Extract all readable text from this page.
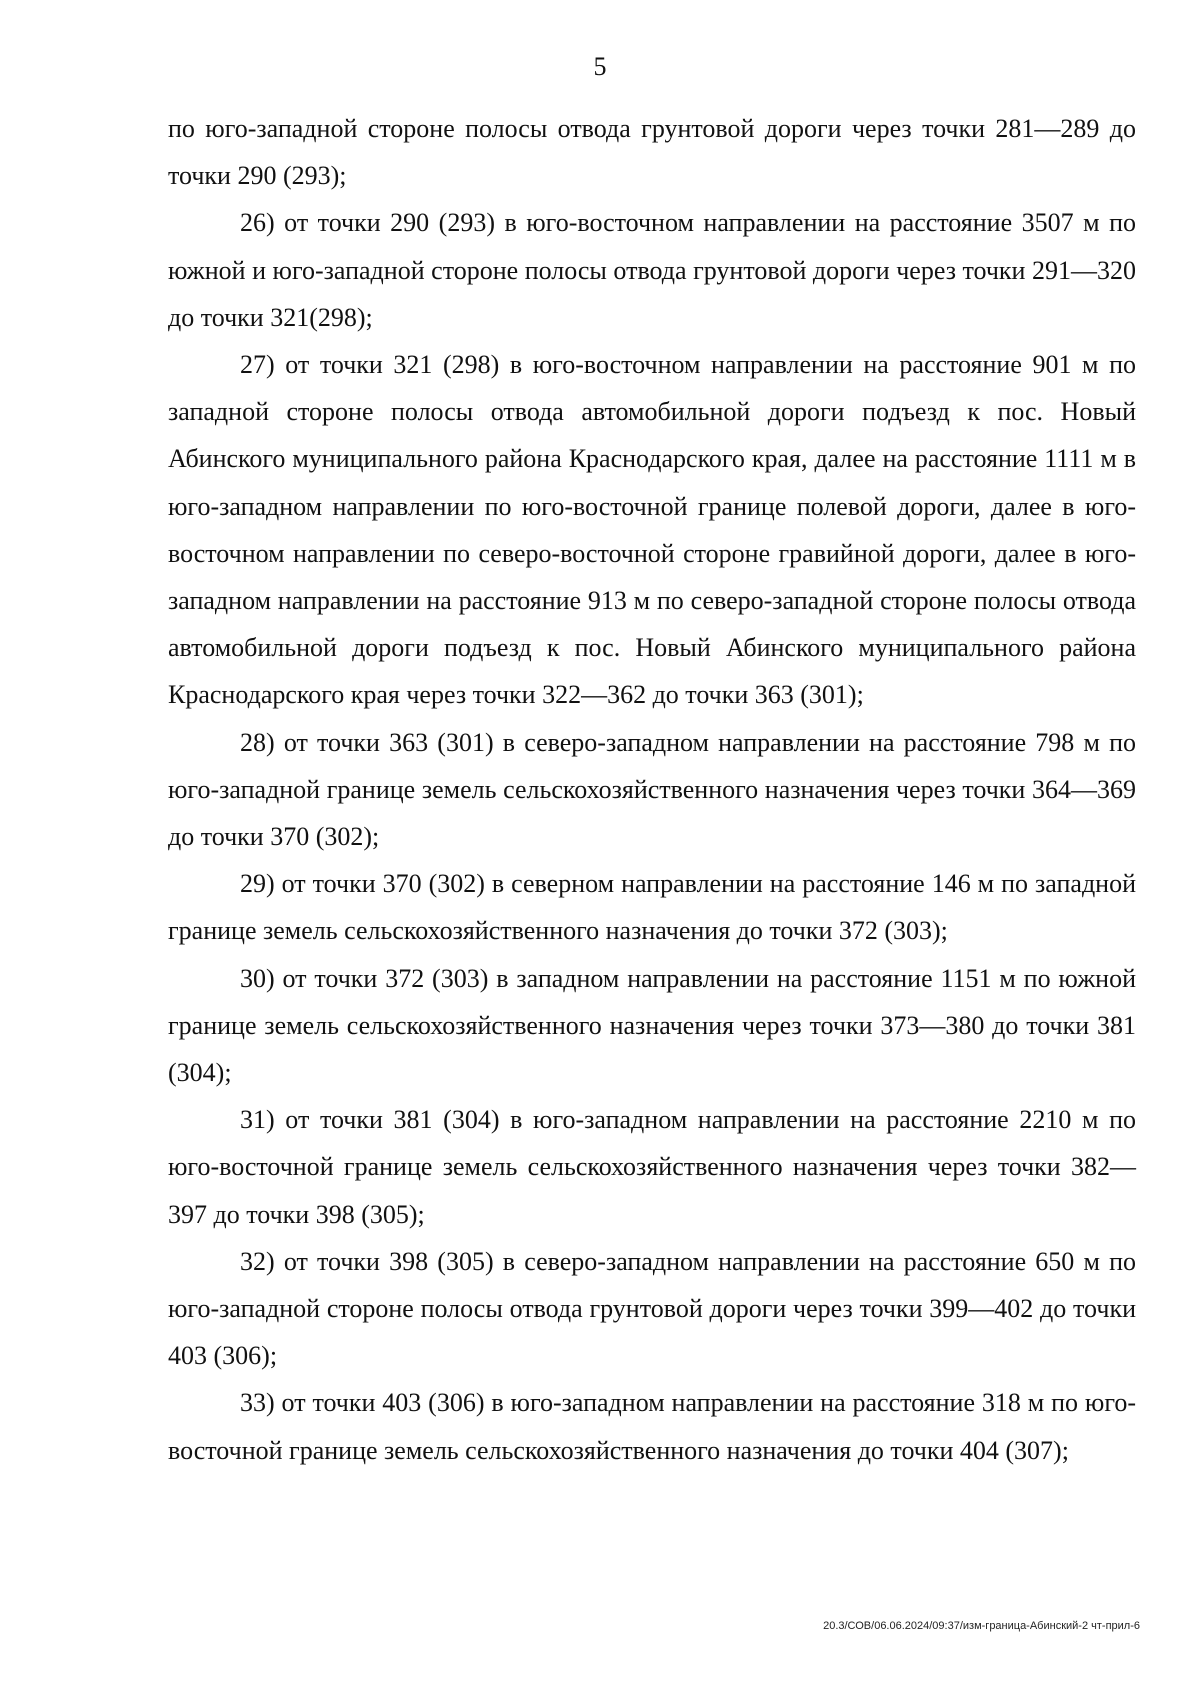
5

по юго-западной стороне полосы отвода грунтовой дороги через точки 281—289 до точки 290 (293);

26) от точки 290 (293) в юго-восточном направлении на расстояние 3507 м по южной и юго-западной стороне полосы отвода грунтовой дороги через точки 291—320 до точки 321(298);

27) от точки 321 (298) в юго-восточном направлении на расстояние 901 м по западной стороне полосы отвода автомобильной дороги подъезд к пос. Новый Абинского муниципального района Краснодарского края, далее на расстояние 1111 м в юго-западном направлении по юго-восточной границе полевой дороги, далее в юго-восточном направлении по северо-восточной стороне гравийной дороги, далее в юго-западном направлении на расстояние 913 м по северо-западной стороне полосы отвода автомобильной дороги подъезд к пос. Новый Абинского муниципального района Краснодарского края через точки 322—362 до точки 363 (301);

28) от точки 363 (301) в северо-западном направлении на расстояние 798 м по юго-западной границе земель сельскохозяйственного назначения через точки 364—369 до точки 370 (302);

29) от точки 370 (302) в северном направлении на расстояние 146 м по западной границе земель сельскохозяйственного назначения до точки 372 (303);

30) от точки 372 (303) в западном направлении на расстояние 1151 м по южной границе земель сельскохозяйственного назначения через точки 373—380 до точки 381 (304);

31) от точки 381 (304) в юго-западном направлении на расстояние 2210 м по юго-восточной границе земель сельскохозяйственного назначения через точки 382—397 до точки 398 (305);

32) от точки 398 (305) в северо-западном направлении на расстояние 650 м по юго-западной стороне полосы отвода грунтовой дороги через точки 399—402 до точки 403 (306);

33) от точки 403 (306) в юго-западном направлении на расстояние 318 м по юго-восточной границе земель сельскохозяйственного назначения до точки 404 (307);

20.3/СОВ/06.06.2024/09:37/изм-граница-Абинский-2 чт-прил-6
